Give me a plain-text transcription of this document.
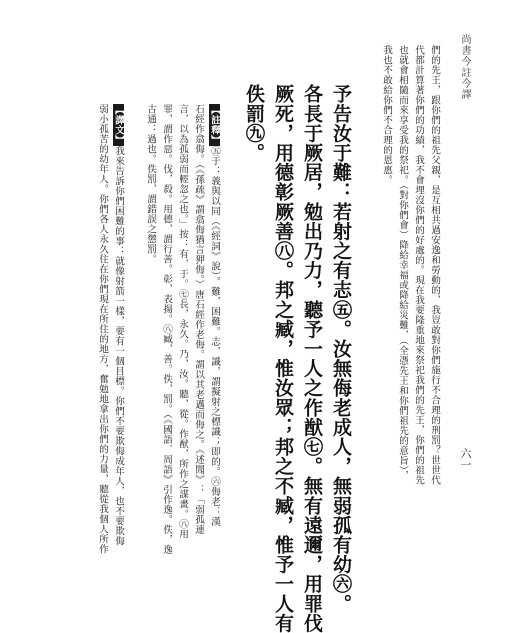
尚書今註今譯
六一
們的先王，跟你們的祖先父親，是互相共過安逸和勞動的，我豈敢對你們施行不合理的刑罰？世世代
代都計算著你們的功績，我不會埋沒你們的好處的。現在我要隆重地來祭祀我們的先王，你們的祖先
也就會相隨而來享受我的祭祀。（對你們會）降給幸福或降給災難，（全憑先王和你們祖先的意旨），
我也不敢給你們不合理的恩惠。
予告汝于難：若射之有志㊄。汝無侮老成人，無弱孤有幼㊅。
各長于厥居，勉出乃力，聽予一人之作猷㊆。無有遠邇，用罪伐
厥死，用德彰厥善㊇。邦之臧，惟汝眾；邦之不臧，惟予一人有
佚罰㊈。
【註釋】㊄于：義與以同（《經詞》說）。難，困難。志，識，謂擬射之標識；即的。㊅侮老：漢
石經作翕侮。（《孫疏》謂翕侮猶言狎侮。）唐石經作老侮。謂以其老邁而侮之。《述聞》：「弱孤連
言，以為孤弱而輕忽之也。」按：有，于。㊆長，永久。乃，汝。聽，從。作猷，所作之謀畫。㊇用
罪，謂作惡。伐，殺。用德，謂行善。彰，表揚。㊇臧，善。佚，罰。（《國語．周語》引作逸。佚，逸
古通：過也。佚罰，謂錯誤之懲罰。
【譯文】我來告訴你們困難的事：就像射箭一樣，要有一個目標。你們不要欺侮成年人，也不要欺侮
弱小孤苦的幼年人。你們各人永久住在你們現在所住的地方，奮勉地拿出你們的力量，聽從我個人所作
